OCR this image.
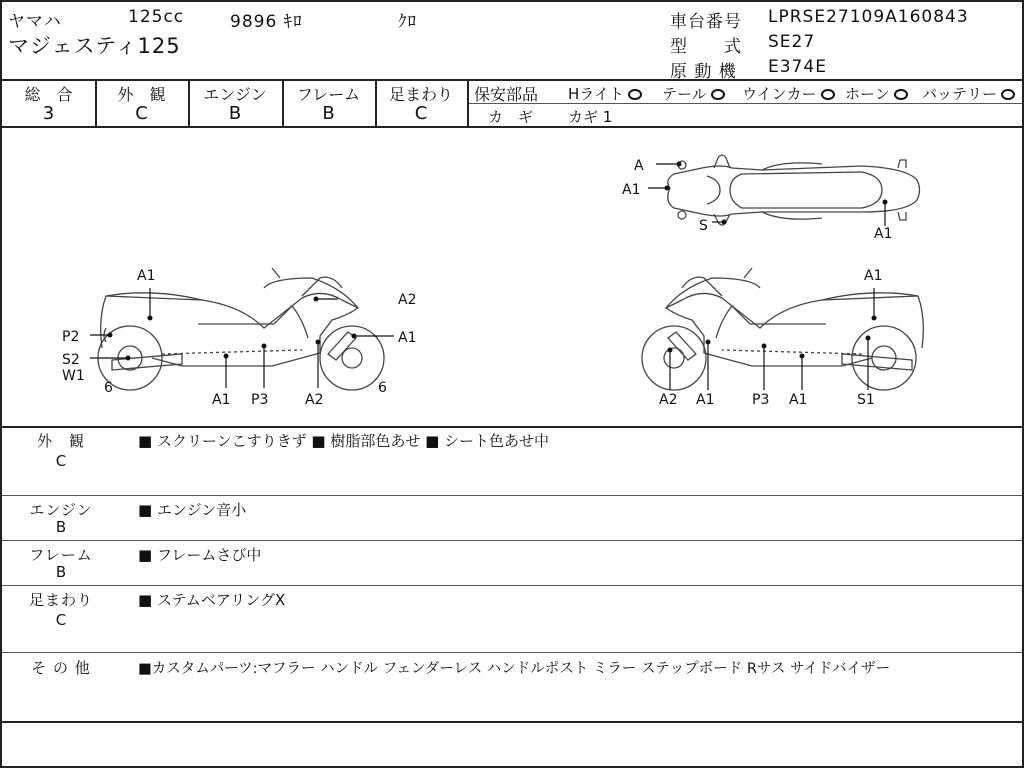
ヤマハ	125cc	9896 ｷﾛ	ｸﾛ
マジェスティ125
車台番号 LPRSE27109A160843
型　　式 SE27
原 動 機 E374E
総　合
3
外　観
C
エンジン
B
フレーム
B
足まわり
C
保安部品 Hライト	テール	ウインカー	ホーン	バッテリー
カ　ギ カギ 1
A
A1
S	A1
A1
A2
A1
P2
S2
W1
6	6
A1 P3	A2
A1
A2 A1	P3 A1	S1
外　観
C
■ スクリーンこすりきず ■ 樹脂部色あせ ■ シート色あせ中
エンジン
B
■ エンジン音小
フレーム
B
■ フレームさび中
足まわり
C
■ ステムベアリングX
そ の 他	■カスタムパーツ:マフラー ハンドル フェンダーレス ハンドルポスト ミラー ステップボード Rサス サイドバイザー
